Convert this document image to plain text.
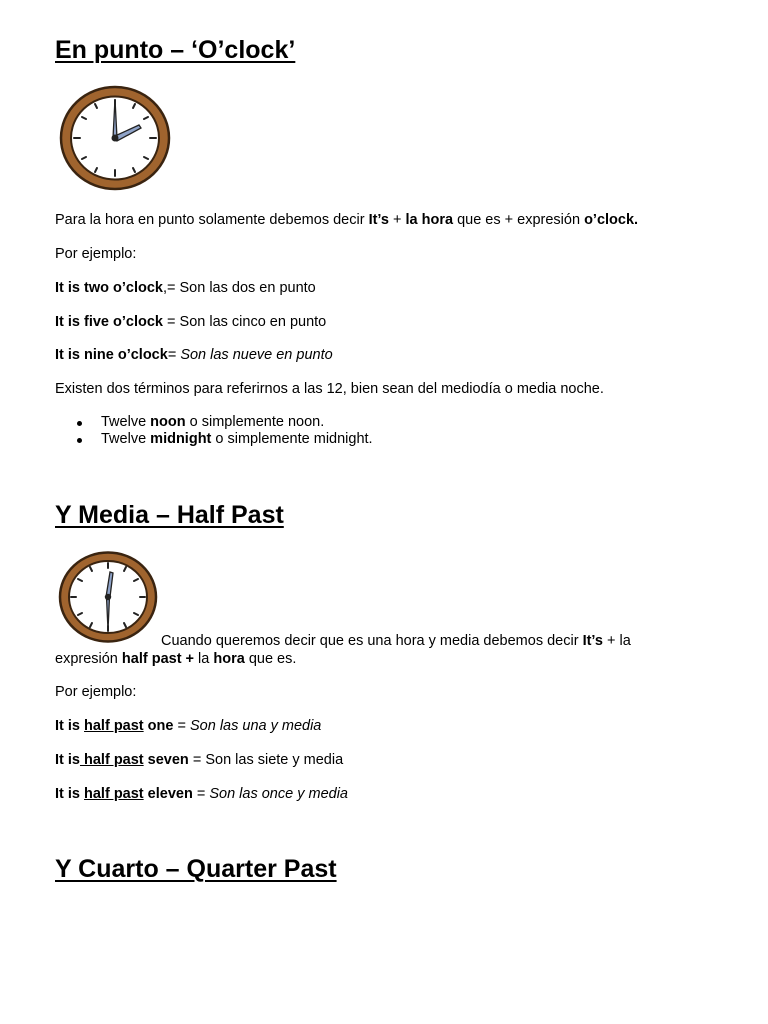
En punto – ‘O’clock’

Para la hora en punto solamente debemos decir It’s + la hora que es + expresión o’clock.

Por ejemplo:

It is two o’clock,= Son las dos en punto

It is five o’clock = Son las cinco en punto

It is nine o’clock= Son las nueve en punto

Existen dos términos para referirnos a las 12, bien sean del mediodía o media noche.

Twelve noon o simplemente noon.
Twelve midnight o simplemente midnight.
Y Media – Half Past

Cuando queremos decir que es una hora y media debemos decir It’s + la

expresión half past + la hora que es.

Por ejemplo:

It is half past one = Son las una y media

It is half past seven = Son las siete y media

It is half past eleven = Son las once y media

Y Cuarto – Quarter Past
